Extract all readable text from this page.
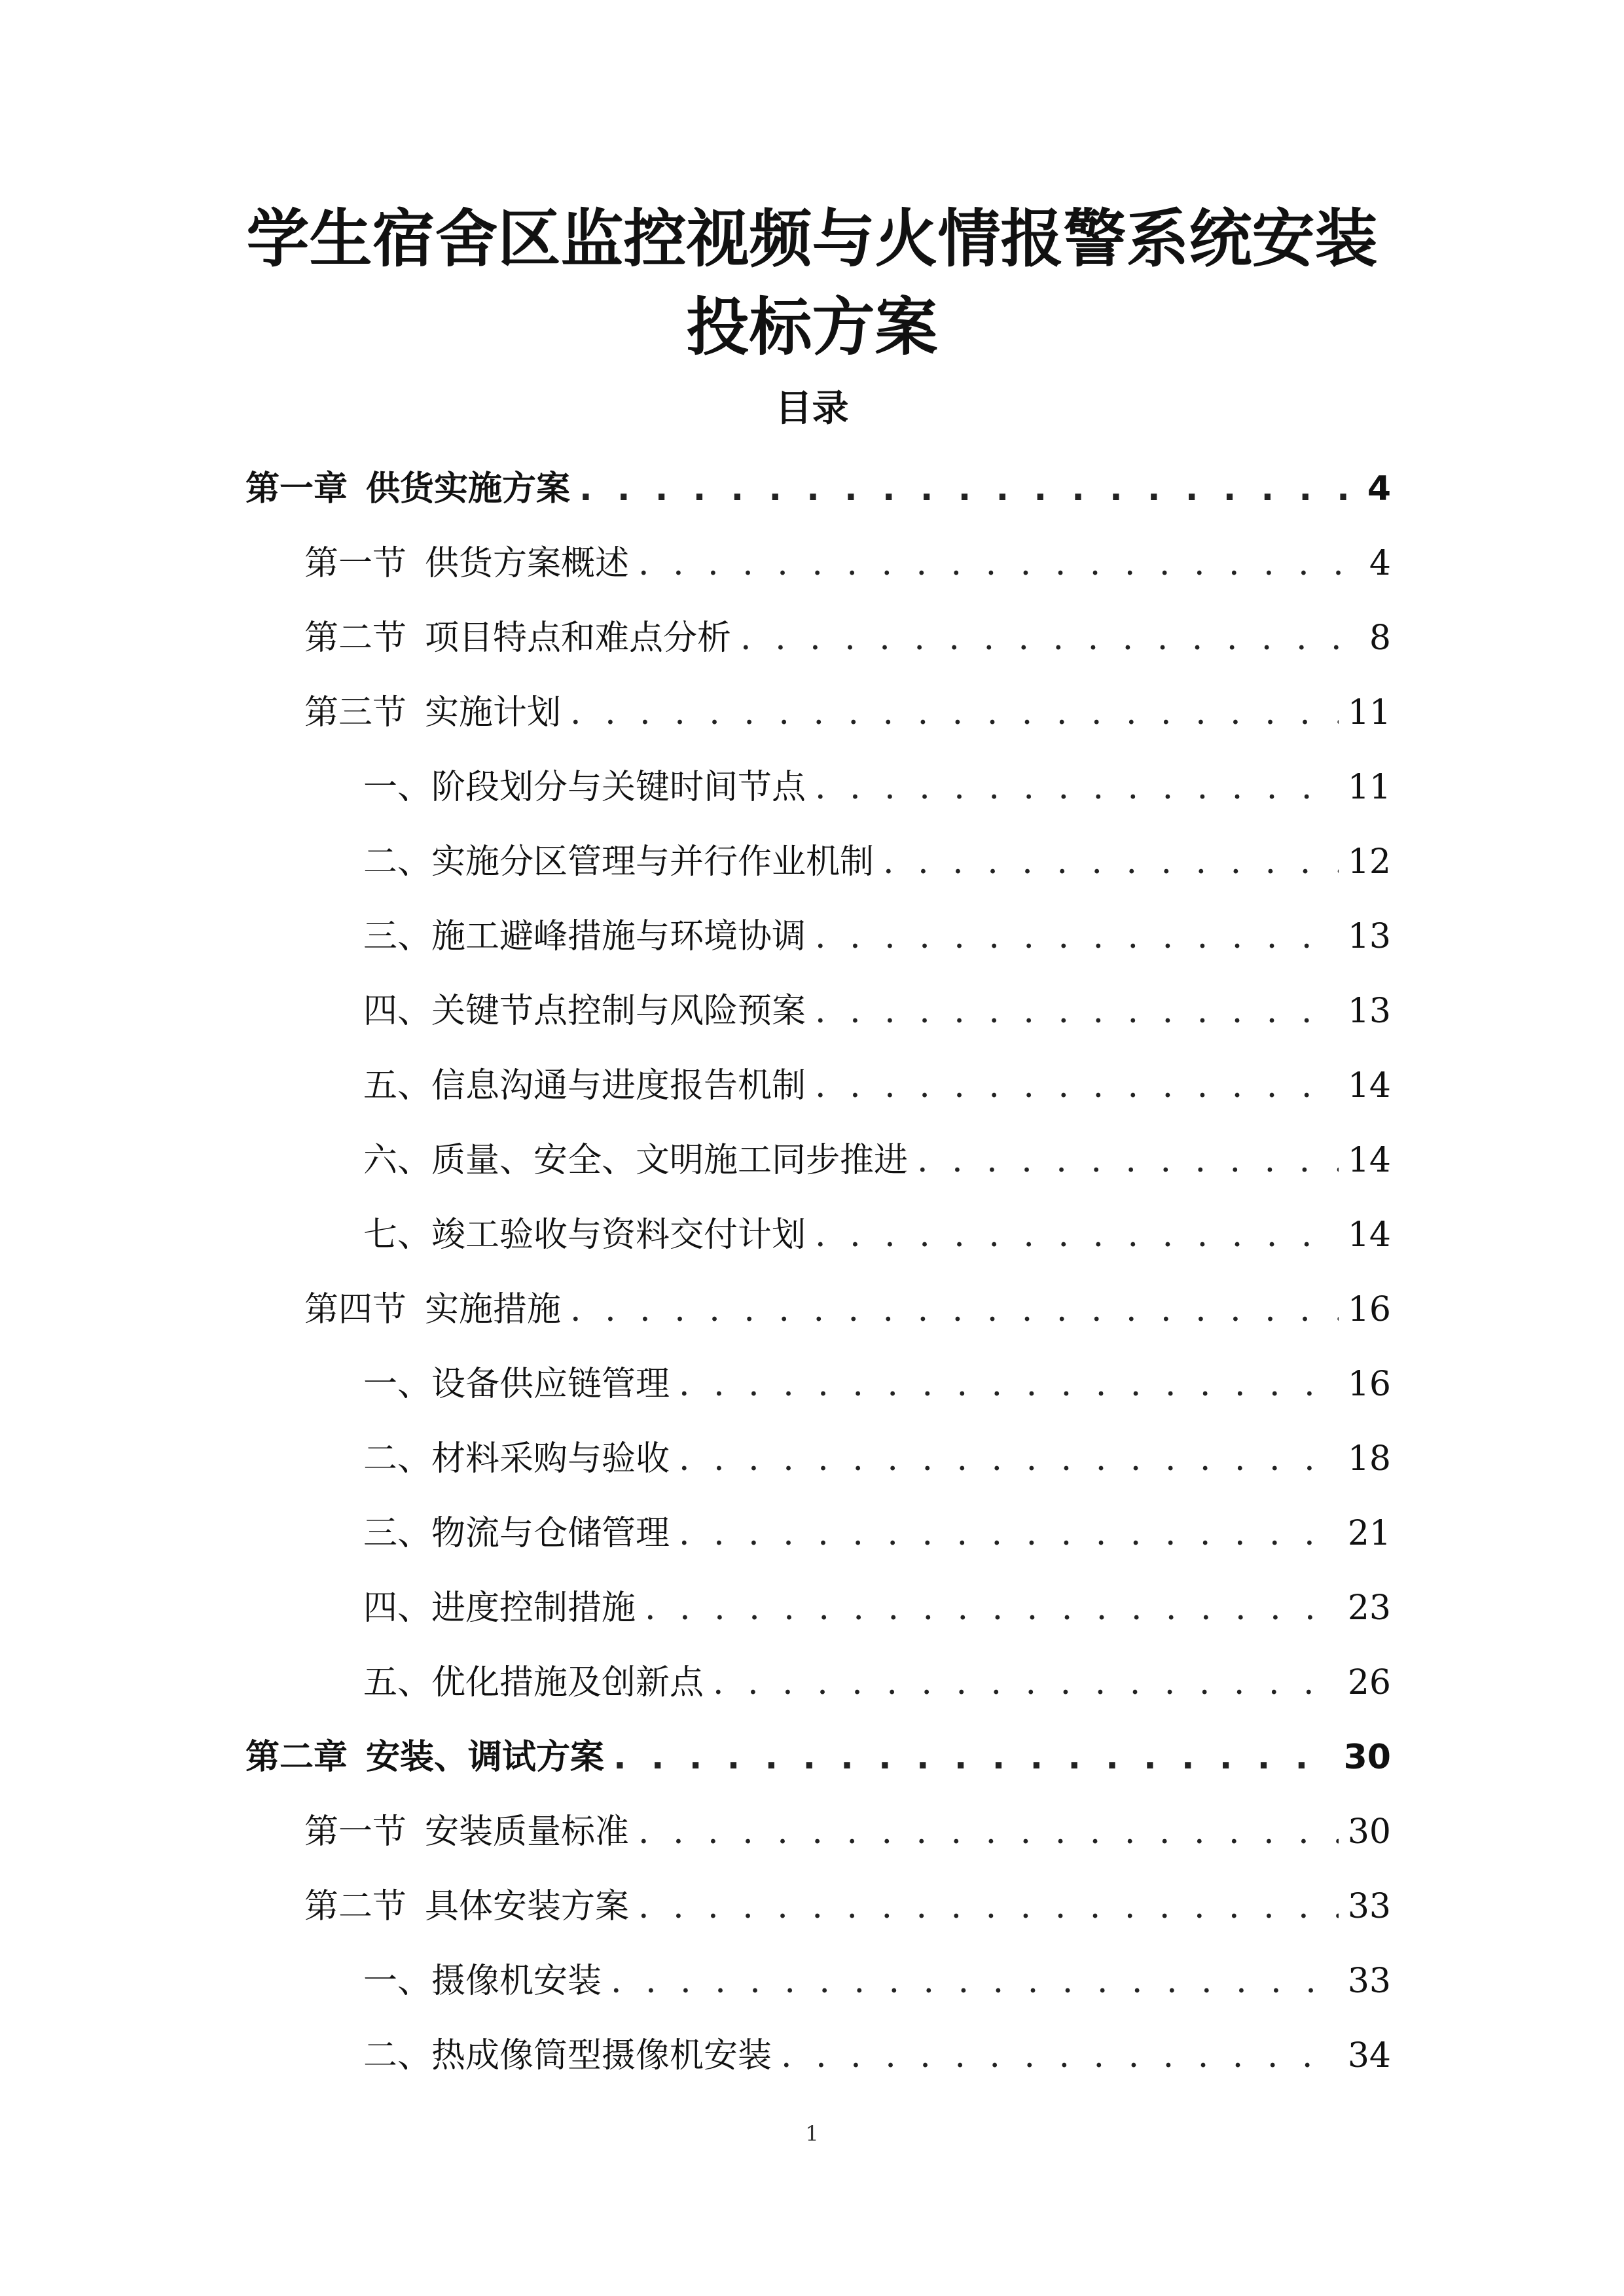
学生宿舍区监控视频与火情报警系统安装
投标方案
目录
第一章 供货实施方案 . . .	4
第一节 供货方案概述 . . .	4
第二节 项目特点和难点分析 . . .	8
第三节 实施计划 . . .	11
一、 阶段划分与关键时间节点 . . .	11
二、 实施分区管理与并行作业机制 . . .	12
三、 施工避峰措施与环境协调 . . .	13
四、 关键节点控制与风险预案 . . .	13
五、 信息沟通与进度报告机制 . . .	14
六、 质量、安全、文明施工同步推进 . . .	14
七、 竣工验收与资料交付计划 . . .	14
第四节 实施措施 . . .	16
一、 设备供应链管理 . . .	16
二、 材料采购与验收 . . .	18
三、 物流与仓储管理 . . .	21
四、 进度控制措施 . . .	23
五、 优化措施及创新点 . . .	26
第二章 安装、调试方案 . . .	30
第一节 安装质量标准 . . .	30
第二节 具体安装方案 . . .	33
一、 摄像机安装 . . .	33
二、 热成像筒型摄像机安装 . . .	34
1
